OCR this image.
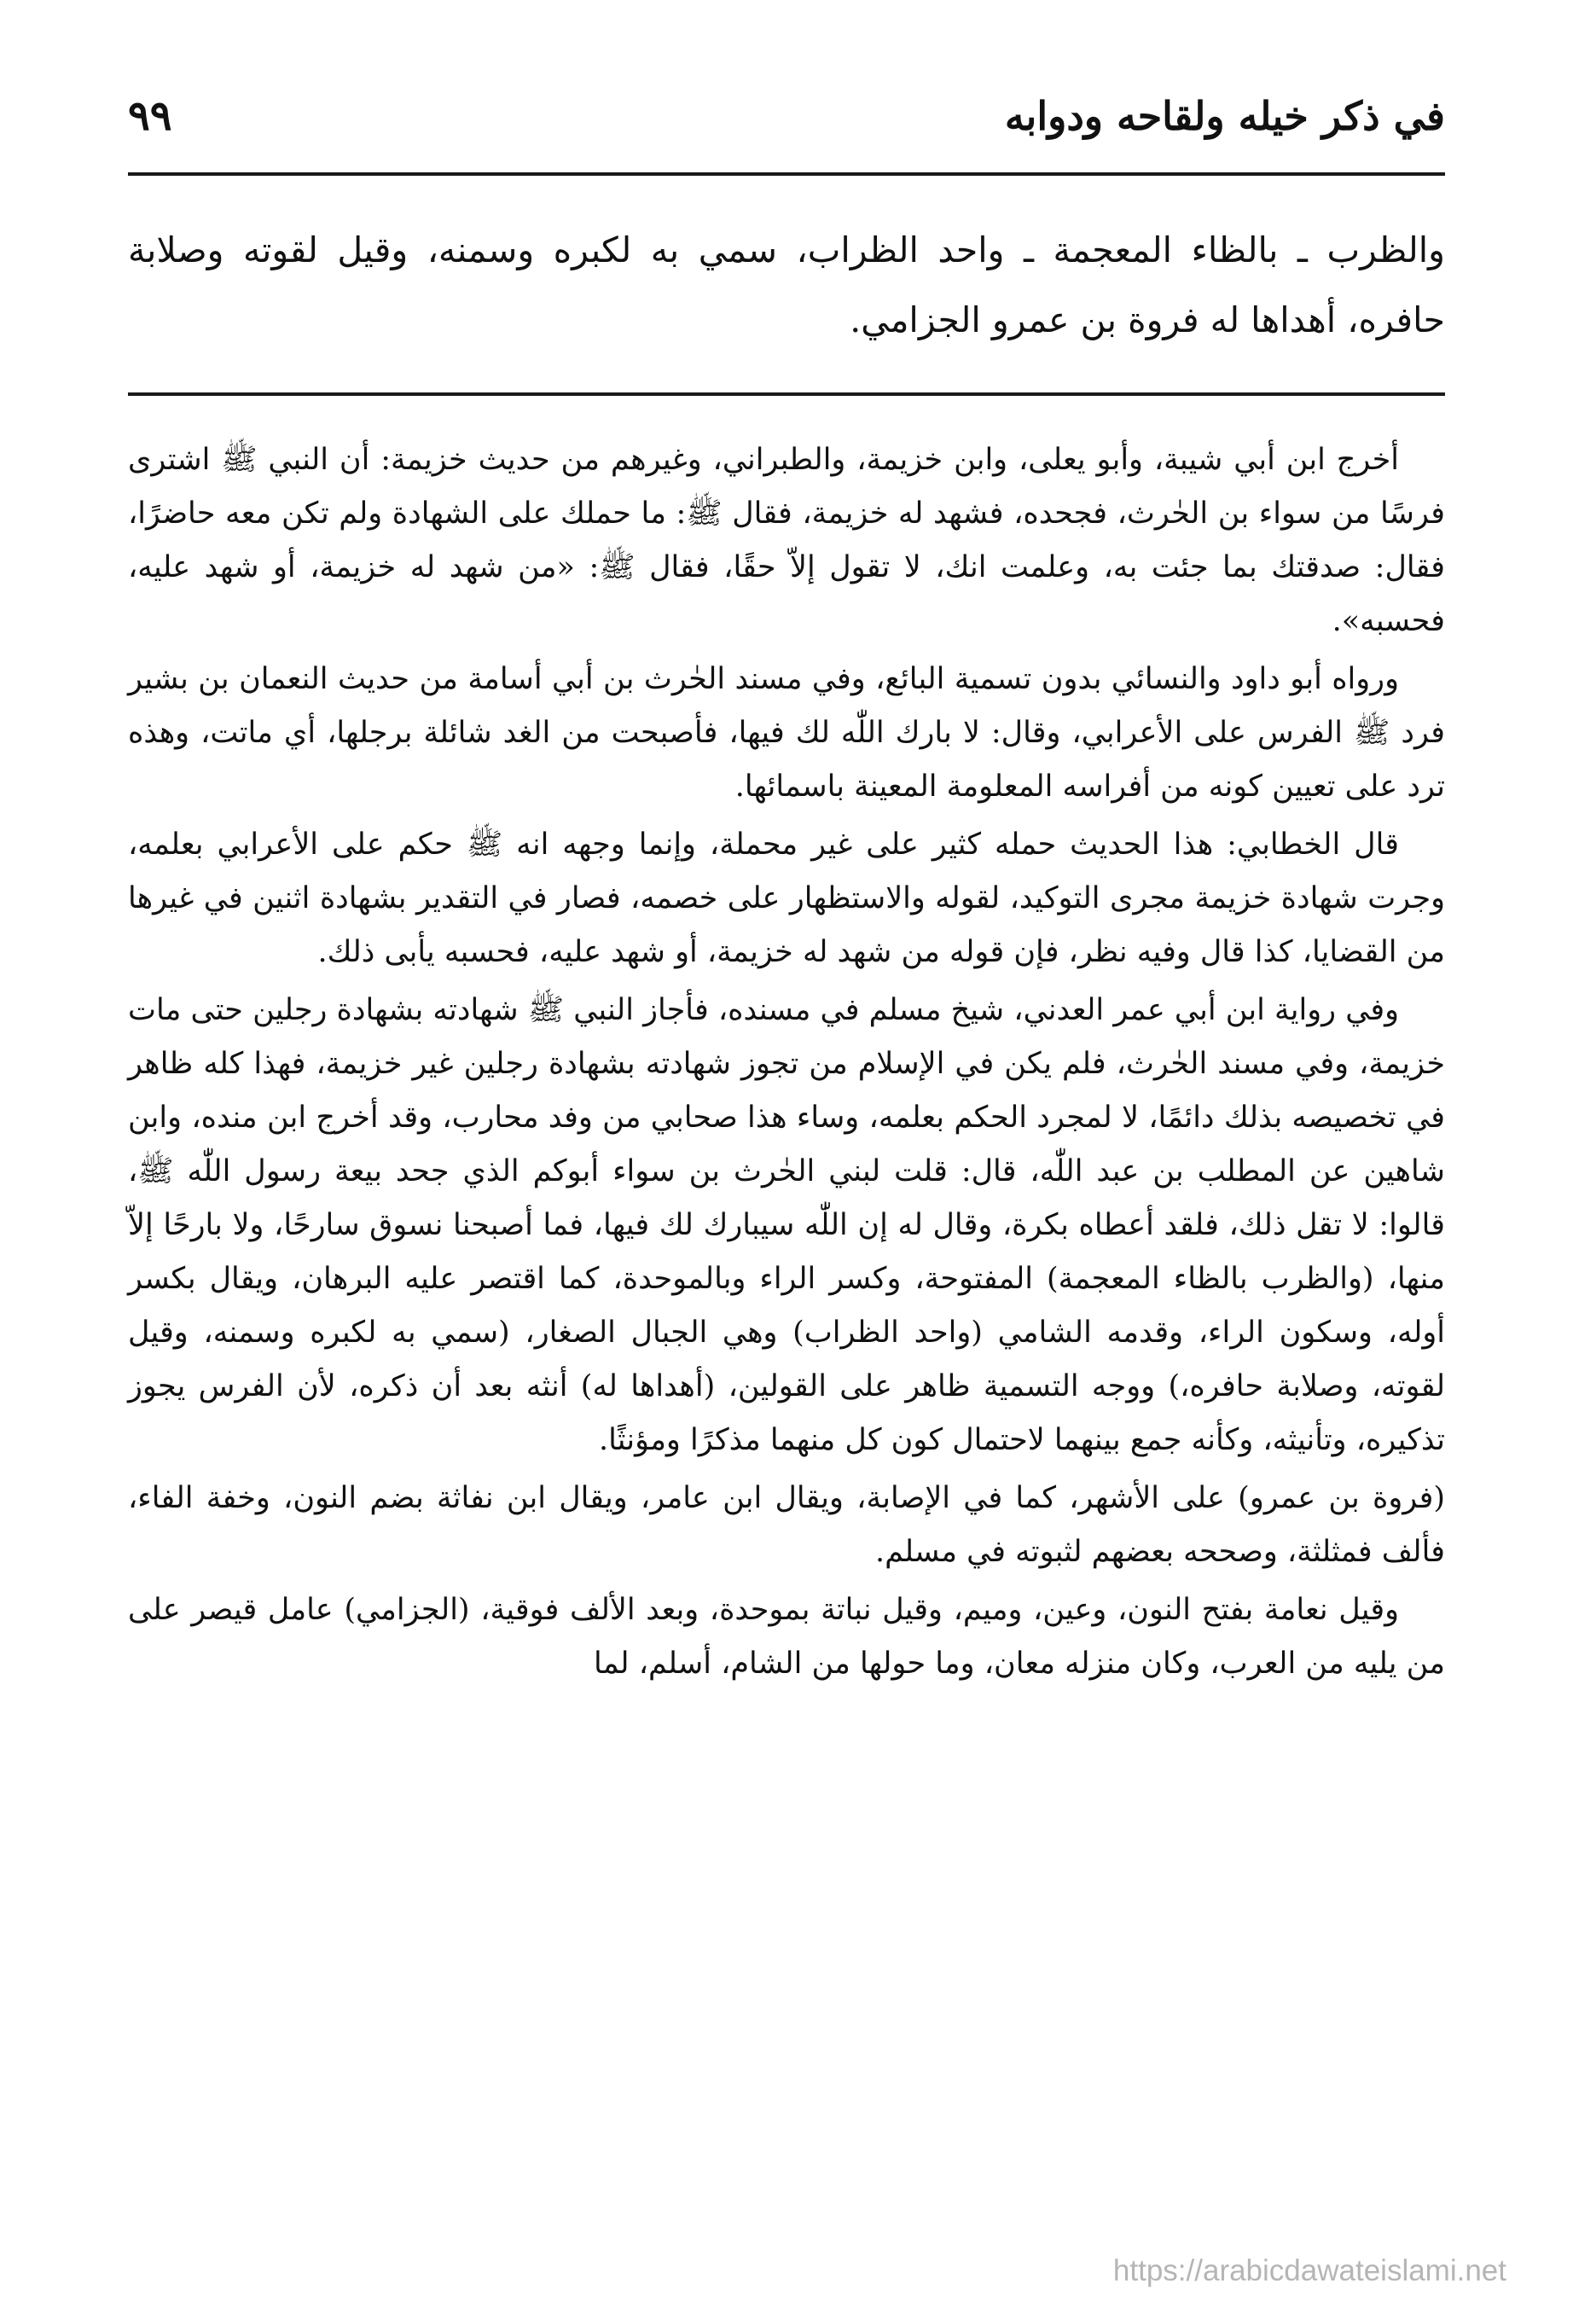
في ذكر خيله ولقاحه ودوابه
٩٩

والظرب ـ بالظاء المعجمة ـ واحد الظراب، سمي به لكبره وسمنه، وقيل لقوته وصلابة حافره، أهداها له فروة بن عمرو الجزامي.

أخرج ابن أبي شيبة، وأبو يعلى، وابن خزيمة، والطبراني، وغيرهم من حديث خزيمة: أن النبي ﷺ اشترى فرسًا من سواء بن الحٰرث، فجحده، فشهد له خزيمة، فقال ﷺ: ما حملك على الشهادة ولم تكن معه حاضرًا، فقال: صدقتك بما جئت به، وعلمت انك، لا تقول إلاّ حقًا، فقال ﷺ: «من شهد له خزيمة، أو شهد عليه، فحسبه».

ورواه أبو داود والنسائي بدون تسمية البائع، وفي مسند الحٰرث بن أبي أسامة من حديث النعمان بن بشير فرد ﷺ الفرس على الأعرابي، وقال: لا بارك اللّٰه لك فيها، فأصبحت من الغد شائلة برجلها، أي ماتت، وهذه ترد على تعيين كونه من أفراسه المعلومة المعينة باسمائها.

قال الخطابي: هذا الحديث حمله كثير على غير محملة، وإنما وجهه انه ﷺ حكم على الأعرابي بعلمه، وجرت شهادة خزيمة مجرى التوكيد، لقوله والاستظهار على خصمه، فصار في التقدير بشهادة اثنين في غيرها من القضايا، كذا قال وفيه نظر، فإن قوله من شهد له خزيمة، أو شهد عليه، فحسبه يأبى ذلك.

وفي رواية ابن أبي عمر العدني، شيخ مسلم في مسنده، فأجاز النبي ﷺ شهادته بشهادة رجلين حتى مات خزيمة، وفي مسند الحٰرث، فلم يكن في الإسلام من تجوز شهادته بشهادة رجلين غير خزيمة، فهذا كله ظاهر في تخصيصه بذلك دائمًا، لا لمجرد الحكم بعلمه، وساء هذا صحابي من وفد محارب، وقد أخرج ابن منده، وابن شاهين عن المطلب بن عبد اللّٰه، قال: قلت لبني الحٰرث بن سواء أبوكم الذي جحد بيعة رسول اللّٰه ﷺ، قالوا: لا تقل ذلك، فلقد أعطاه بكرة، وقال له إن اللّٰه سيبارك لك فيها، فما أصبحنا نسوق سارحًا، ولا بارحًا إلاّ منها، (والظرب بالظاء المعجمة) المفتوحة، وكسر الراء وبالموحدة، كما اقتصر عليه البرهان، ويقال بكسر أوله، وسكون الراء، وقدمه الشامي (واحد الظراب) وهي الجبال الصغار، (سمي به لكبره وسمنه، وقيل لقوته، وصلابة حافره،) ووجه التسمية ظاهر على القولين، (أهداها له) أنثه بعد أن ذكره، لأن الفرس يجوز تذكيره، وتأنيثه، وكأنه جمع بينهما لاحتمال كون كل منهما مذكرًا ومؤنثًا.

(فروة بن عمرو) على الأشهر، كما في الإصابة، ويقال ابن عامر، ويقال ابن نفاثة بضم النون، وخفة الفاء، فألف فمثلثة، وصححه بعضهم لثبوته في مسلم.

وقيل نعامة بفتح النون، وعين، وميم، وقيل نباتة بموحدة، وبعد الألف فوقية، (الجزامي) عامل قيصر على من يليه من العرب، وكان منزله معان، وما حولها من الشام، أسلم، لما

https://arabicdawateislami.net
